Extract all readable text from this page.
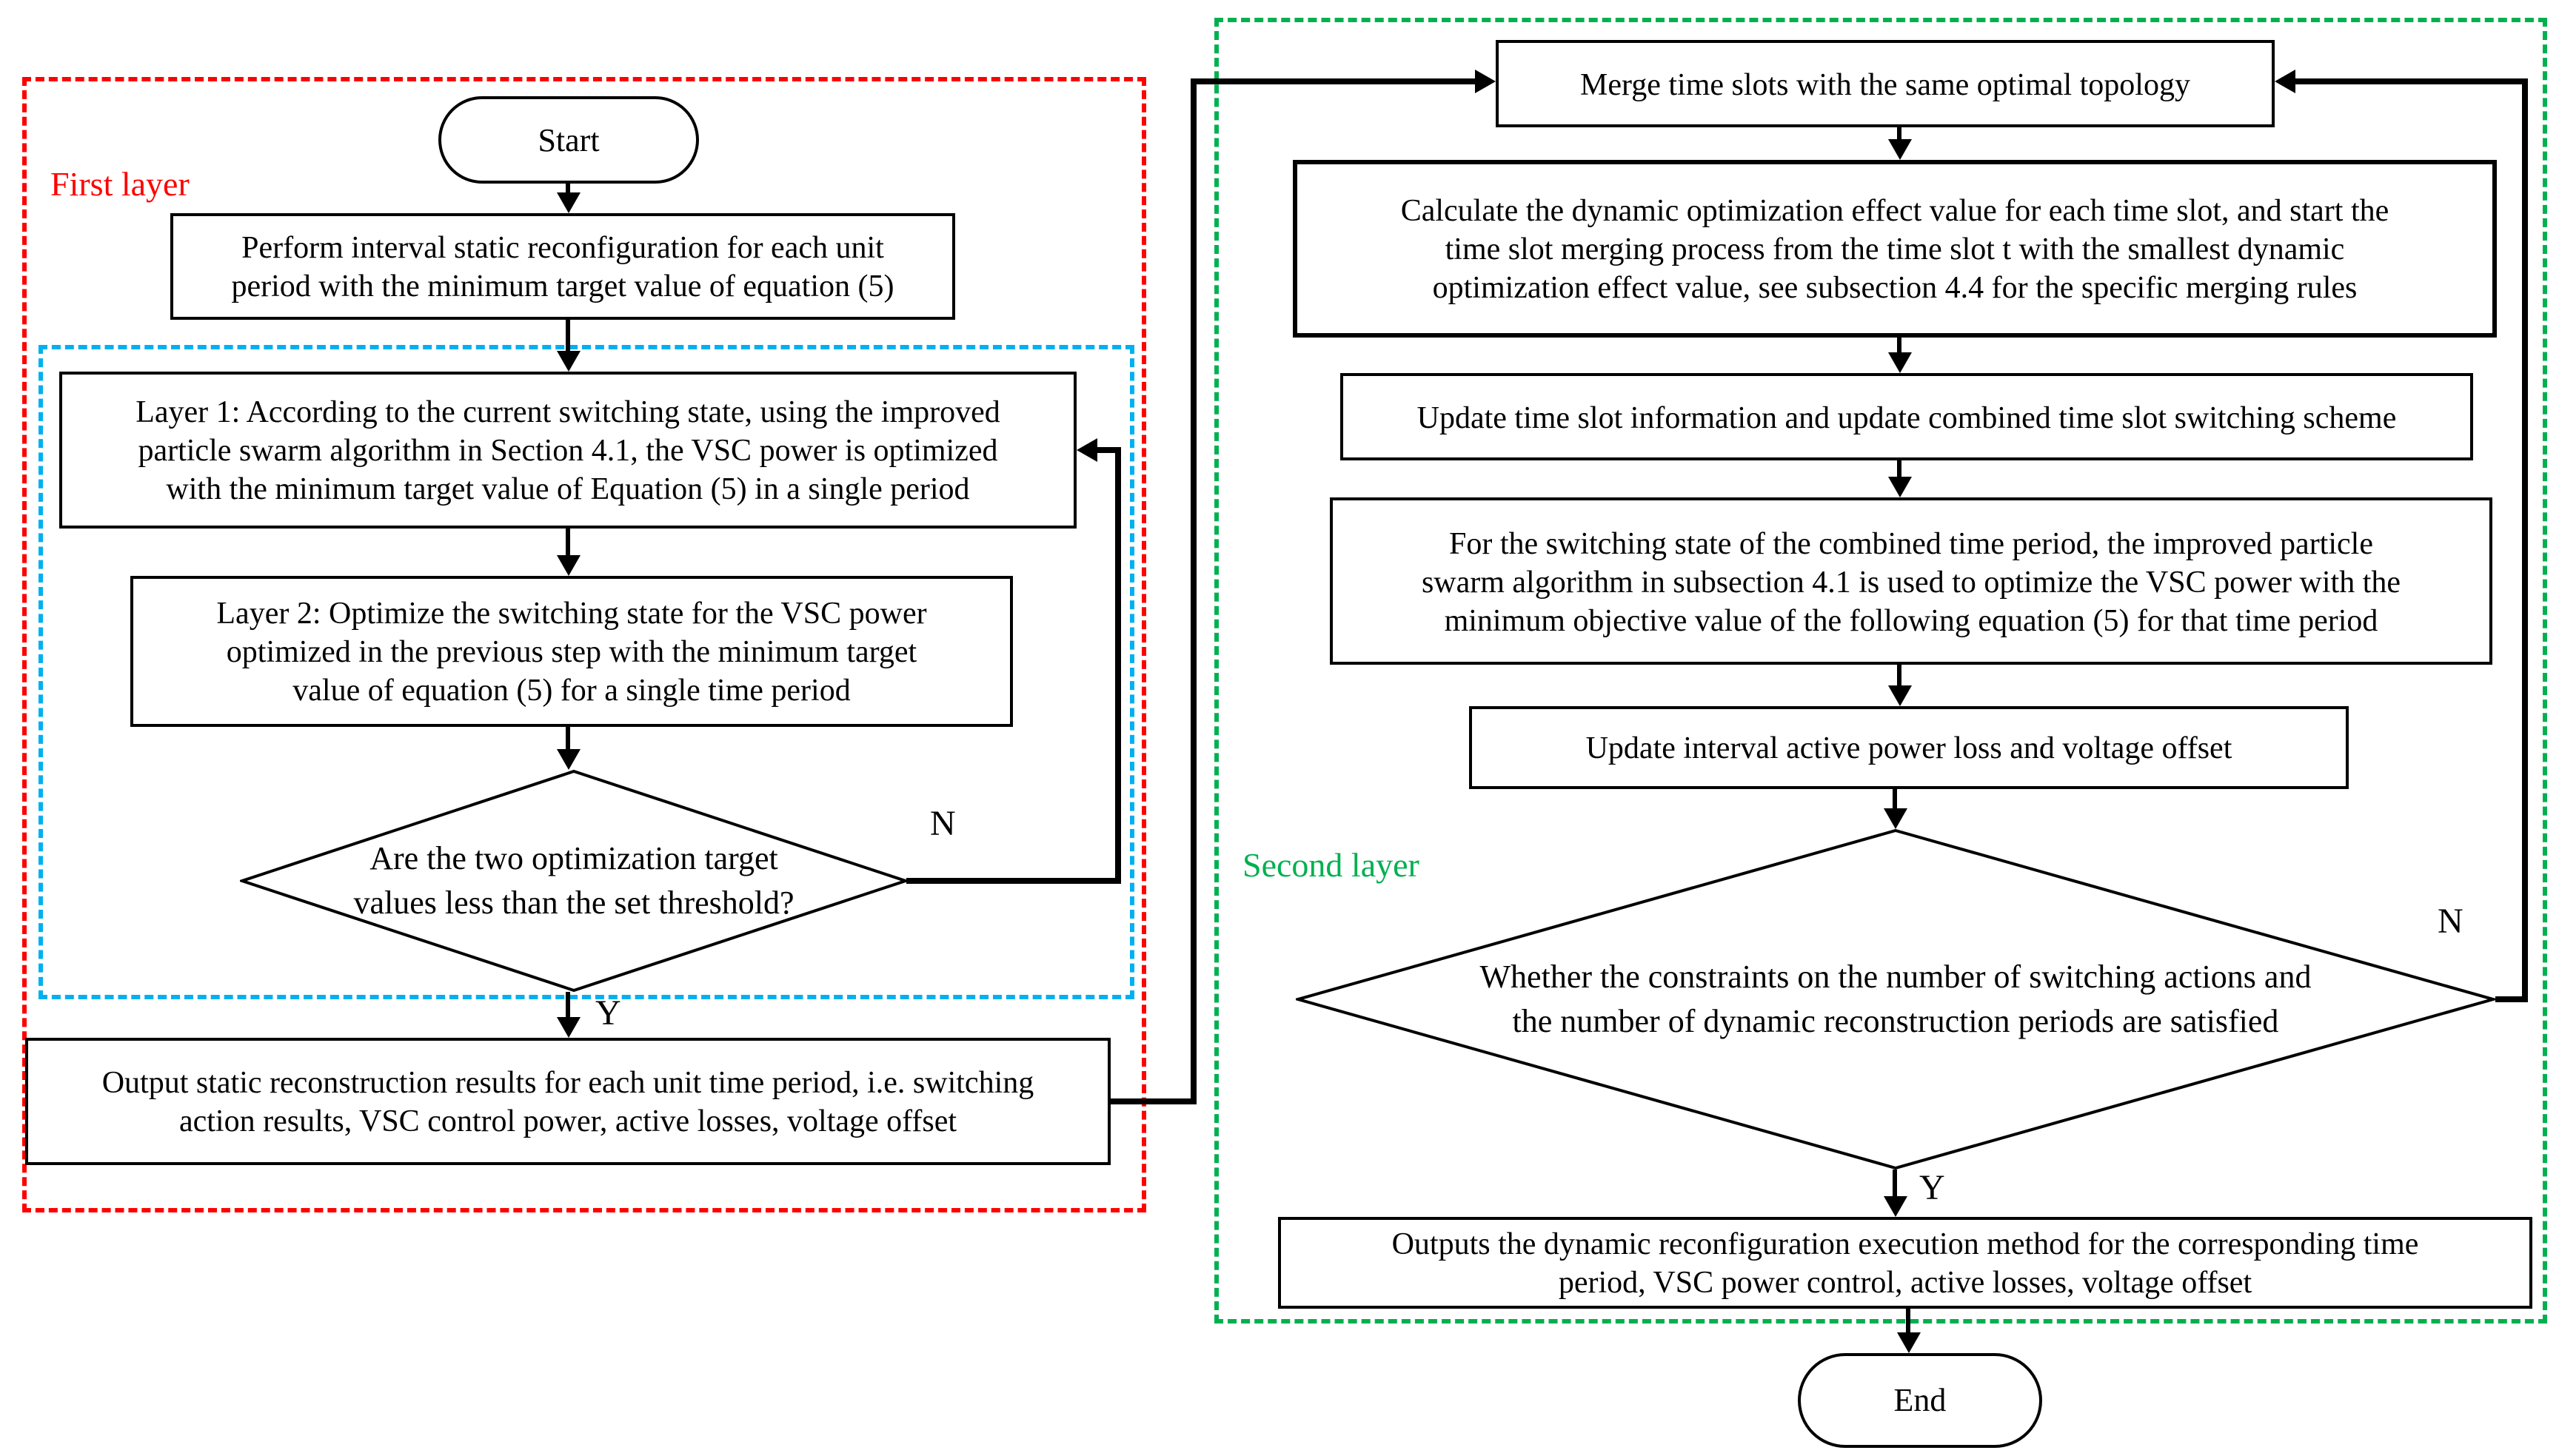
First layer
Second layer
Start
Perform interval static reconfiguration for each unit
period with the minimum target value of equation (5)
Layer 1: According to the current switching state, using the improved
particle swarm algorithm in Section 4.1, the VSC power is optimized
with the minimum target value of Equation (5) in a single period
Layer 2: Optimize the switching state for the VSC power
optimized in the previous step with the minimum target
value of equation (5) for a single time period
Are the two optimization target
values less than the set threshold?
Output static reconstruction results for each unit time period, i.e. switching
action results, VSC control power, active losses, voltage offset
Merge time slots with the same optimal topology
Calculate the dynamic optimization effect value for each time slot, and start the
time slot merging process from the time slot t with the smallest dynamic
optimization effect value, see subsection 4.4 for the specific merging rules
Update time slot information and update combined time slot switching scheme
For the switching state of the combined time period, the improved particle
swarm algorithm in subsection 4.1 is used to optimize the VSC power with the
minimum objective value of the following equation (5) for that time period
Update interval active power loss and voltage offset
Whether the constraints on the number of switching actions and
the number of dynamic reconstruction periods are satisfied
Outputs the dynamic reconfiguration execution method for the corresponding time
period, VSC power control, active losses, voltage offset
End
Y
N
Y
N
